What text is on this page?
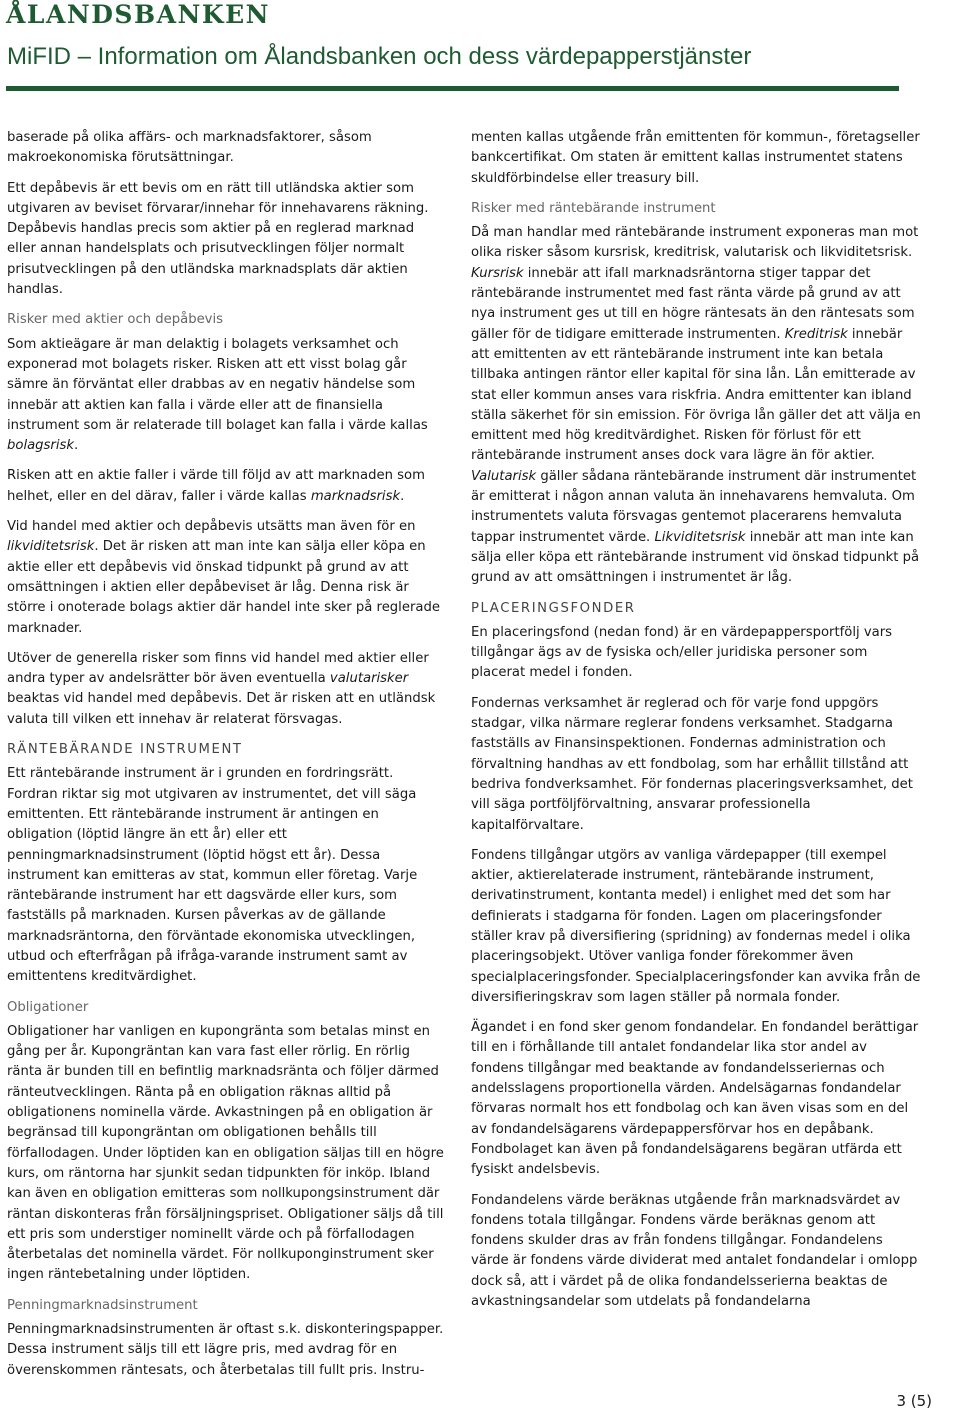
ÅLANDSBANKEN
MiFID – Information om Ålandsbanken och dess värdepapperstjänster

baserade på olika affärs- och marknadsfaktorer, såsom makroekonomiska förutsättningar.

Ett depåbevis är ett bevis om en rätt till utländska aktier som utgivaren av beviset förvarar/innehar för innehavarens räkning. Depåbevis handlas precis som aktier på en reglerad marknad eller annan handelsplats och prisutvecklingen följer normalt prisutvecklingen på den utländska marknadsplats där aktien handlas.

Risker med aktier och depåbevis

Som aktieägare är man delaktig i bolagets verksamhet och exponerad mot bolagets risker. Risken att ett visst bolag går sämre än förväntat eller drabbas av en negativ händelse som innebär att aktien kan falla i värde eller att de finansiella instrument som är relaterade till bolaget kan falla i värde kallas bolagsrisk.

Risken att en aktie faller i värde till följd av att marknaden som helhet, eller en del därav, faller i värde kallas marknadsrisk.

Vid handel med aktier och depåbevis utsätts man även för en likviditetsrisk. Det är risken att man inte kan sälja eller köpa en aktie eller ett depåbevis vid önskad tidpunkt på grund av att omsättningen i aktien eller depåbeviset är låg. Denna risk är större i onoterade bolags aktier där handel inte sker på reglerade marknader.

Utöver de generella risker som finns vid handel med aktier eller andra typer av andelsrätter bör även eventuella valutarisker beaktas vid handel med depåbevis. Det är risken att en utländsk valuta till vilken ett innehav är relaterat försvagas.

RÄNTEBÄRANDE INSTRUMENT

Ett räntebärande instrument är i grunden en fordringsrätt. Fordran riktar sig mot utgivaren av instrumentet, det vill säga emittenten. Ett räntebärande instrument är antingen en obligation (löptid längre än ett år) eller ett penningmarknadsinstrument (löptid högst ett år). Dessa instrument kan emitteras av stat, kommun eller företag. Varje räntebärande instrument har ett dagsvärde eller kurs, som fastställs på marknaden. Kursen påverkas av de gällande marknadsräntorna, den förväntade ekonomiska utvecklingen, utbud och efterfrågan på ifråga-varande instrument samt av emittentens kreditvärdighet.

Obligationer

Obligationer har vanligen en kupongränta som betalas minst en gång per år. Kupongräntan kan vara fast eller rörlig. En rörlig ränta är bunden till en befintlig marknadsränta och följer därmed ränteutvecklingen. Ränta på en obligation räknas alltid på obligationens nominella värde. Avkastningen på en obligation är begränsad till kupongräntan om obligationen behålls till förfallodagen. Under löptiden kan en obligation säljas till en högre kurs, om räntorna har sjunkit sedan tidpunkten för inköp. Ibland kan även en obligation emitteras som nollkupongsinstrument där räntan diskonteras från försäljningspriset. Obligationer säljs då till ett pris som understiger nominellt värde och på förfallodagen återbetalas det nominella värdet. För nollkuponginstrument sker ingen räntebetalning under löptiden.

Penningmarknadsinstrument

Penningmarknadsinstrumenten är oftast s.k. diskonteringspapper. Dessa instrument säljs till ett lägre pris, med avdrag för en överenskommen räntesats, och återbetalas till fullt pris. Instru-

menten kallas utgående från emittenten för kommun-, företagseller bankcertifikat. Om staten är emittent kallas instrumentet statens skuldförbindelse eller treasury bill.

Risker med räntebärande instrument

Då man handlar med räntebärande instrument exponeras man mot olika risker såsom kursrisk, kreditrisk, valutarisk och likviditetsrisk. Kursrisk innebär att ifall marknadsräntorna stiger tappar det räntebärande instrumentet med fast ränta värde på grund av att nya instrument ges ut till en högre räntesats än den räntesats som gäller för de tidigare emitterade instrumenten. Kreditrisk innebär att emittenten av ett räntebärande instrument inte kan betala tillbaka antingen räntor eller kapital för sina lån. Lån emitterade av stat eller kommun anses vara riskfria. Andra emittenter kan ibland ställa säkerhet för sin emission. För övriga lån gäller det att välja en emittent med hög kreditvärdighet. Risken för förlust för ett räntebärande instrument anses dock vara lägre än för aktier. Valutarisk gäller sådana räntebärande instrument där instrumentet är emitterat i någon annan valuta än innehavarens hemvaluta. Om instrumentets valuta försvagas gentemot placerarens hemvaluta tappar instrumentet värde. Likviditetsrisk innebär att man inte kan sälja eller köpa ett räntebärande instrument vid önskad tidpunkt på grund av att omsättningen i instrumentet är låg.

PLACERINGSFONDER

En placeringsfond (nedan fond) är en värdepappersportfölj vars tillgångar ägs av de fysiska och/eller juridiska personer som placerat medel i fonden.

Fondernas verksamhet är reglerad och för varje fond uppgörs stadgar, vilka närmare reglerar fondens verksamhet. Stadgarna fastställs av Finansinspektionen. Fondernas administration och förvaltning handhas av ett fondbolag, som har erhållit tillstånd att bedriva fondverksamhet. För fondernas placeringsverksamhet, det vill säga portföljförvaltning, ansvarar professionella kapitalförvaltare.

Fondens tillgångar utgörs av vanliga värdepapper (till exempel aktier, aktierelaterade instrument, räntebärande instrument, derivatinstrument, kontanta medel) i enlighet med det som har definierats i stadgarna för fonden. Lagen om placeringsfonder ställer krav på diversifiering (spridning) av fondernas medel i olika placeringsobjekt. Utöver vanliga fonder förekommer även specialplaceringsfonder. Specialplaceringsfonder kan avvika från de diversifieringskrav som lagen ställer på normala fonder.

Ägandet i en fond sker genom fondandelar. En fondandel berättigar till en i förhållande till antalet fondandelar lika stor andel av fondens tillgångar med beaktande av fondandelsseriernas och andelsslagens proportionella värden. Andelsägarnas fondandelar förvaras normalt hos ett fondbolag och kan även visas som en del av fondandelsägarens värdepappersförvar hos en depåbank. Fondbolaget kan även på fondandelsägarens begäran utfärda ett fysiskt andelsbevis.

Fondandelens värde beräknas utgående från marknadsvärdet av fondens totala tillgångar. Fondens värde beräknas genom att fondens skulder dras av från fondens tillgångar. Fondandelens värde är fondens värde dividerat med antalet fondandelar i omlopp dock så, att i värdet på de olika fondandelsserierna beaktas de avkastningsandelar som utdelats på fondandelarna

3 (5)
